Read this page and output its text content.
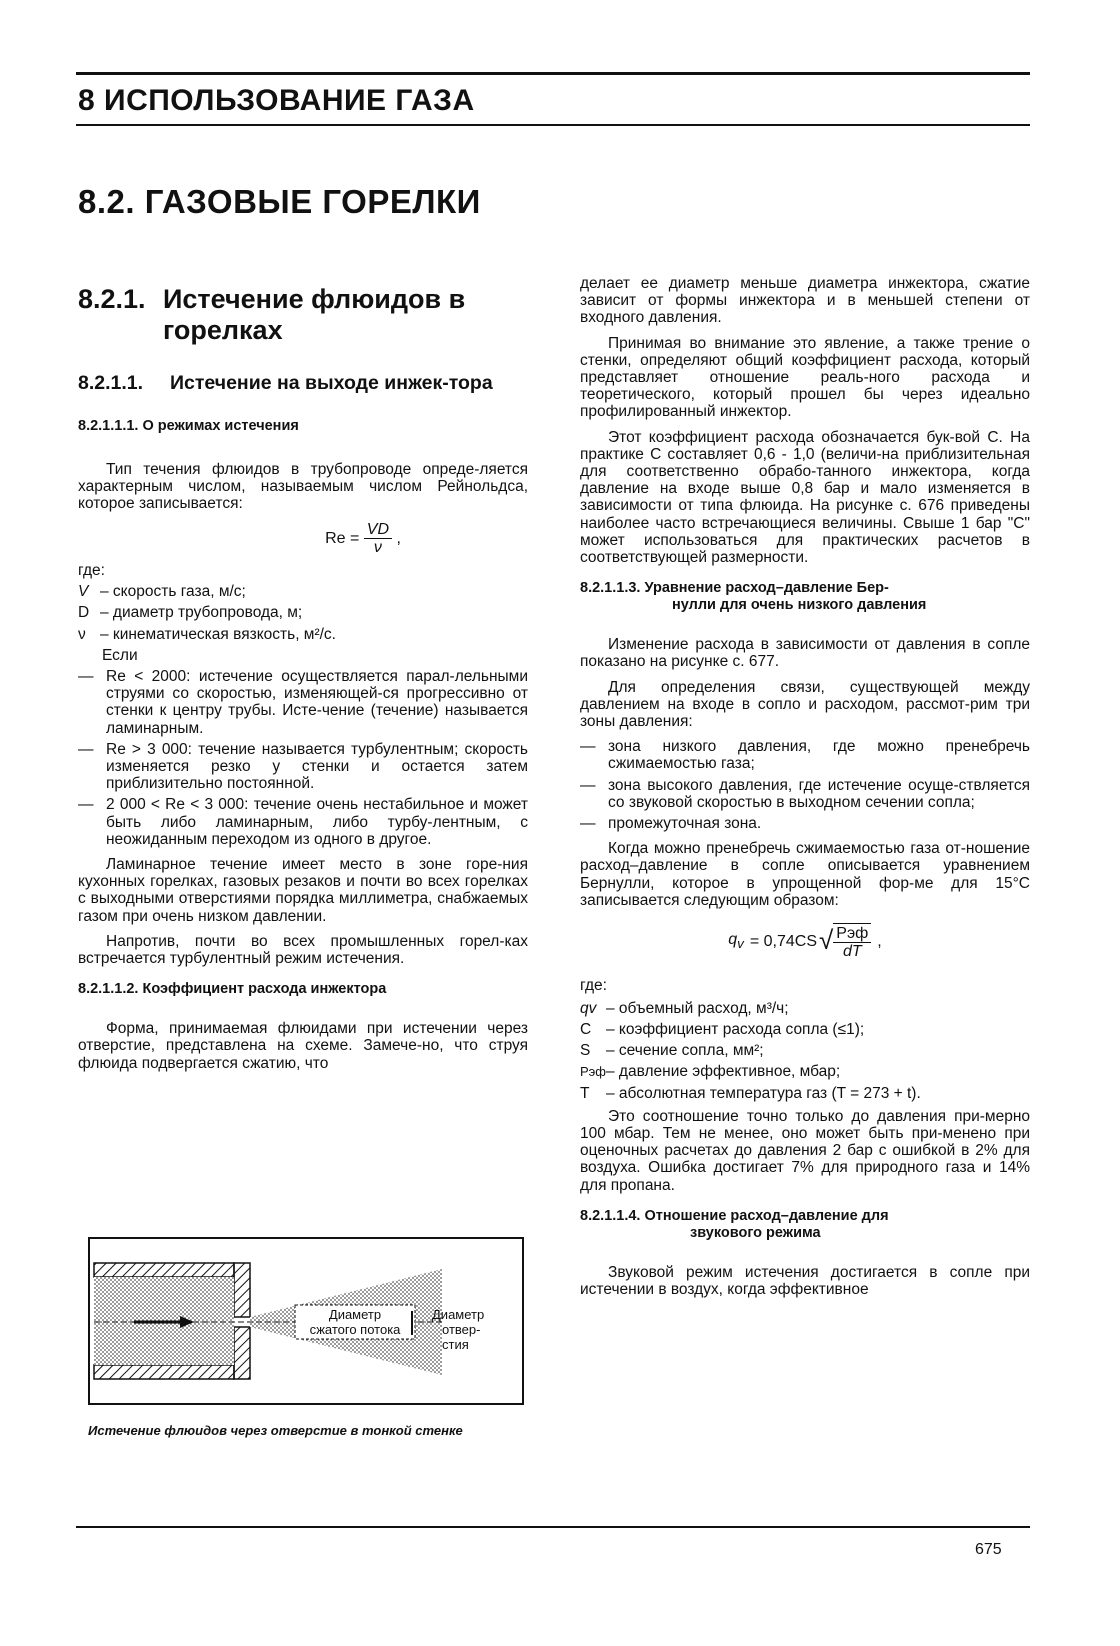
8 ИСПОЛЬЗОВАНИЕ ГАЗА
8.2. ГАЗОВЫЕ ГОРЕЛКИ
8.2.1. Истечение флюидов в горелках
8.2.1.1.	Истечение на выходе инжек-тора
8.2.1.1.1. О режимах истечения

Тип течения флюидов в трубопроводе опреде-ляется характерным числом, называемым числом Рейнольдса, которое записывается:

$Re = \frac{VD}{\nu}$ ,
где:
V – скорость газа, м/с;
D – диаметр трубопровода, м;
ν – кинематическая вязкость, м²/с.
Если
— Re < 2000: истечение осуществляется парал-лельными струями со скоростью, изменяющей-ся прогрессивно от стенки к центру трубы. Исте-чение (течение) называется ламинарным.
— Re > 3 000: течение называется турбулентным; скорость изменяется резко у стенки и остается затем приблизительно постоянной.
— 2 000 < Re < 3 000: течение очень нестабильное и может быть либо ламинарным, либо турбу-лентным, с неожиданным переходом из одного в другое.

Ламинарное течение имеет место в зоне горе-ния кухонных горелках, газовых резаков и почти во всех горелках с выходными отверстиями порядка миллиметра, снабжаемых газом при очень низком давлении.

Напротив, почти во всех промышленных горел-ках встречается турбулентный режим истечения.

8.2.1.1.2. Коэффициент расхода инжектора

Форма, принимаемая флюидами при истечении через отверстие, представлена на схеме. Замече-но, что струя флюида подвергается сжатию, что

Диаметр
сжатого потока
Диаметр
отвер-
стия
Истечение флюидов через отверстие в тонкой стенке

делает ее диаметр меньше диаметра инжектора, сжатие зависит от формы инжектора и в меньшей степени от входного давления.

Принимая во внимание это явление, а также трение о стенки, определяют общий коэффициент расхода, который представляет отношение реаль-ного расхода и теоретического, который прошел бы через идеально профилированный инжектор.

Этот коэффициент расхода обозначается бук-вой С. На практике С составляет 0,6 - 1,0 (величи-на приблизительная для соответственно обрабо-танного инжектора, когда давление на входе выше 0,8 бар и мало изменяется в зависимости от типа флюида. На рисунке с. 676 приведены наиболее часто встречающиеся величины. Свыше 1 бар "С" может использоваться для практических расчетов в соответствующей размерности.

8.2.1.1.3. Уравнение расход–давление Бер-
нулли для очень низкого давления

Изменение расхода в зависимости от давления в сопле показано на рисунке с. 677.

Для определения связи, существующей между давлением на входе в сопло и расходом, рассмот-рим три зоны давления:

— зона низкого давления, где можно пренебречь сжимаемостью газа;
— зона высокого давления, где истечение осуще-ствляется со звуковой скоростью в выходном сечении сопла;
— промежуточная зона.

Когда можно пренебречь сжимаемостью газа от-ношение расход–давление в сопле описывается уравнением Бернулли, которое в упрощенной фор-ме для 15°С записывается следующим образом:

$q_v = 0,74CS$ √ $\frac{\text{Pэф}}{dT}$ ,
где:
qv – объемный расход, м³/ч;
C – коэффициент расхода сопла (≤1);
S	– сечение сопла, мм²;
Pэф – давление эффективное, мбар;
T	– абсолютная температура газ (T = 273 + t).

Это соотношение точно только до давления при-мерно 100 мбар. Тем не менее, оно может быть при-менено при оценочных расчетах до давления 2 бар с ошибкой в 2% для воздуха. Ошибка достигает 7% для природного газа и 14% для пропана.

8.2.1.1.4. Отношение расход–давление для
звукового режима

Звуковой режим истечения достигается в сопле при истечении в воздух, когда эффективное

675
